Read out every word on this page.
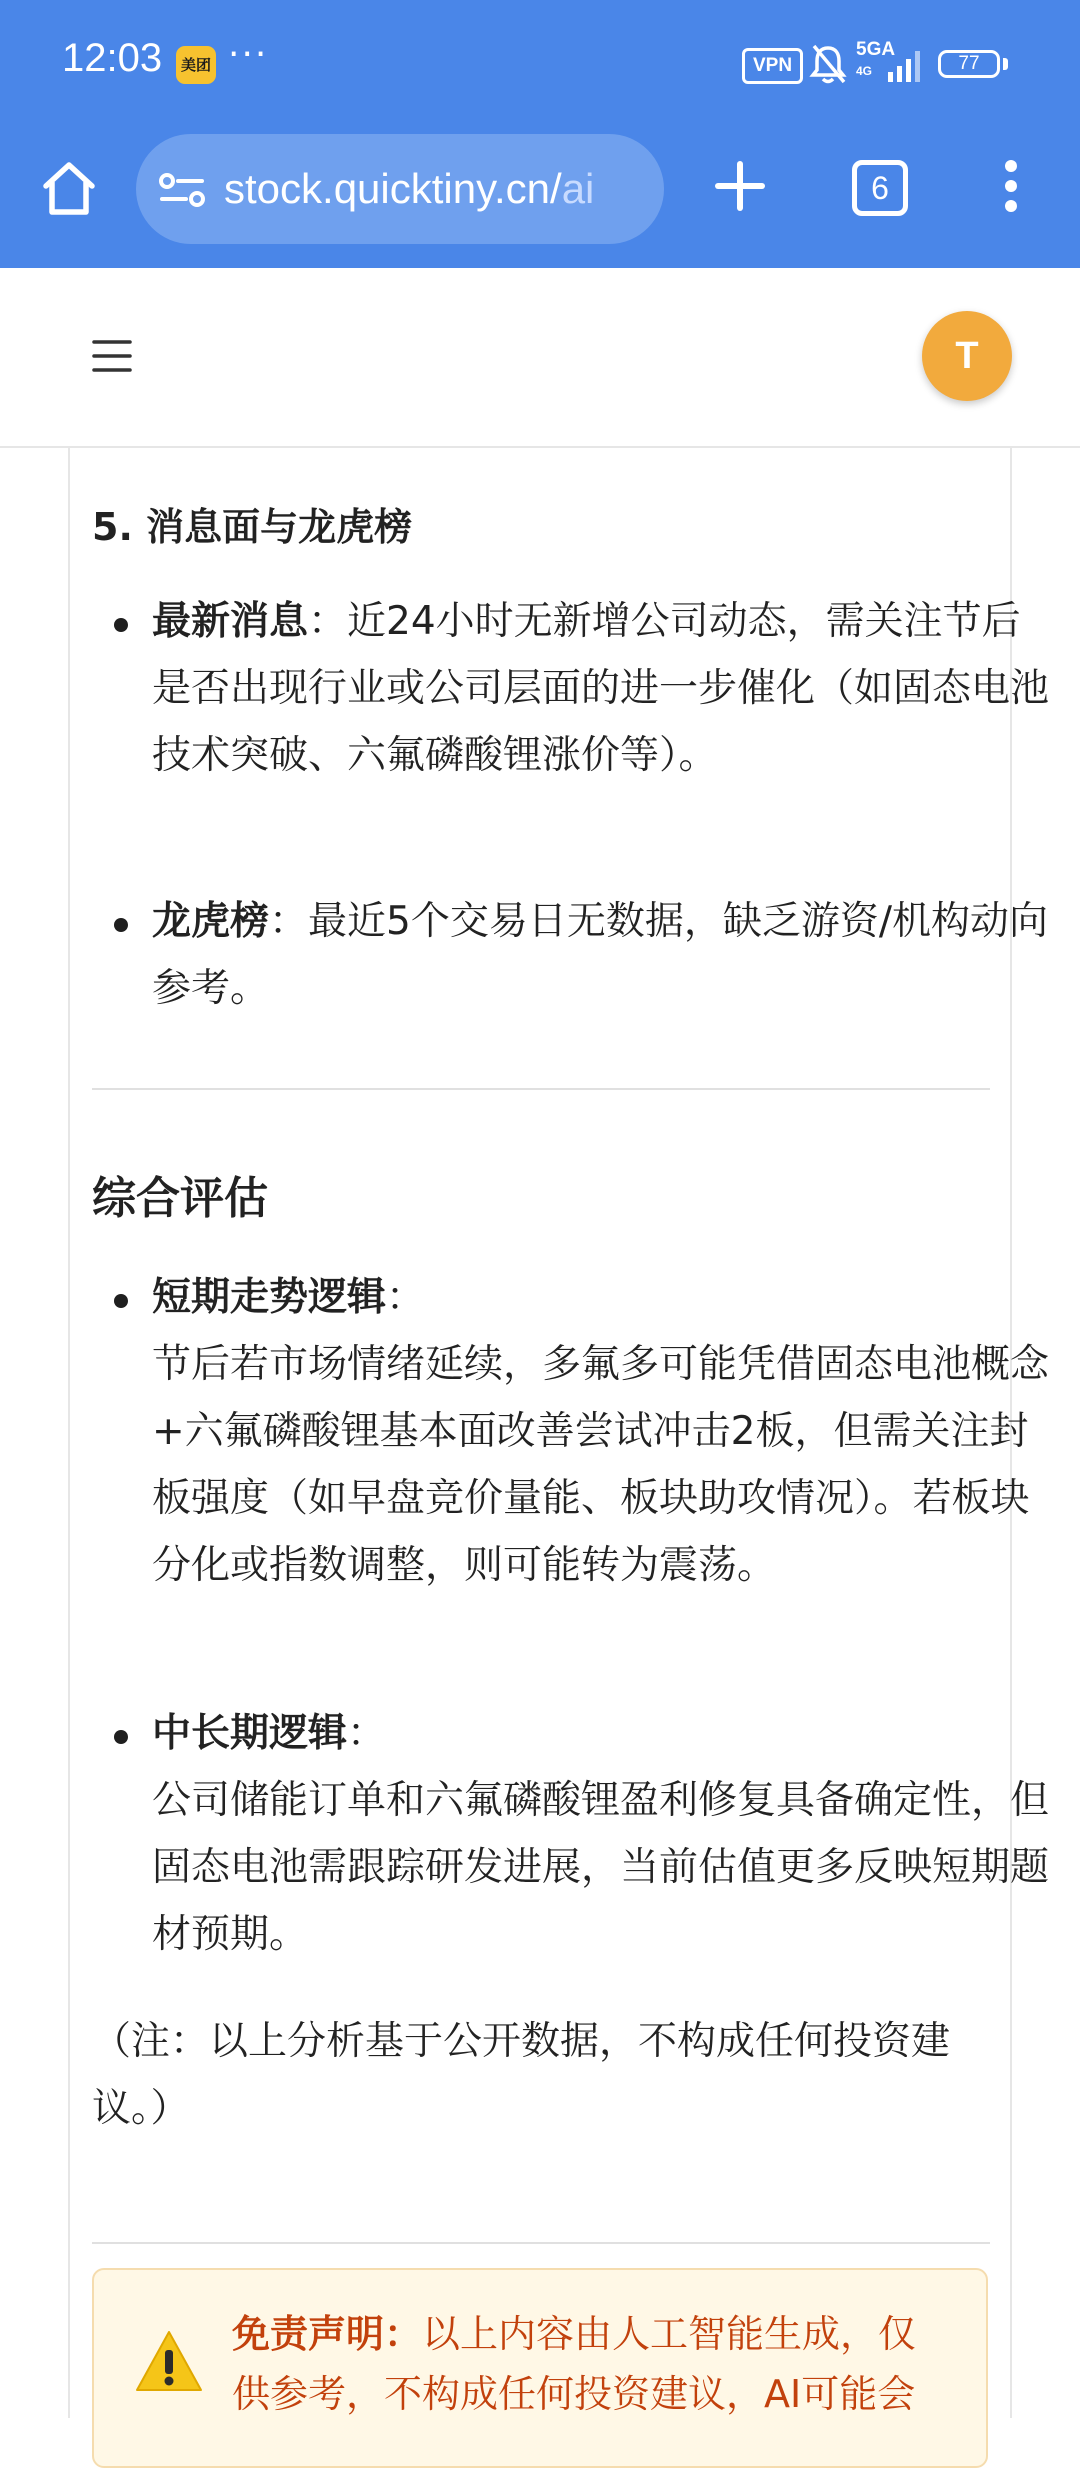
12:03	美团 ···	VPN
5GA
4G	77
stock.quicktiny.cn/ai	6
T
5. 消息面与龙虎榜
最新消息：近24小时无新增公司动态，需关注节后是否出现行业或公司层面的进一步催化（如固态电池技术突破、六氟磷酸锂涨价等）。
龙虎榜：最近5个交易日无数据，缺乏游资/机构动向参考。
综合评估
短期走势逻辑：
节后若市场情绪延续，多氟多可能凭借固态电池概念+六氟磷酸锂基本面改善尝试冲击2板，但需关注封板强度（如早盘竞价量能、板块助攻情况）。若板块分化或指数调整，则可能转为震荡。
中长期逻辑：
公司储能订单和六氟磷酸锂盈利修复具备确定性，但固态电池需跟踪研发进展，当前估值更多反映短期题材预期。
（注：以上分析基于公开数据，不构成任何投资建议。）
免责声明：以上内容由人工智能生成，仅供参考，不构成任何投资建议，AI可能会
